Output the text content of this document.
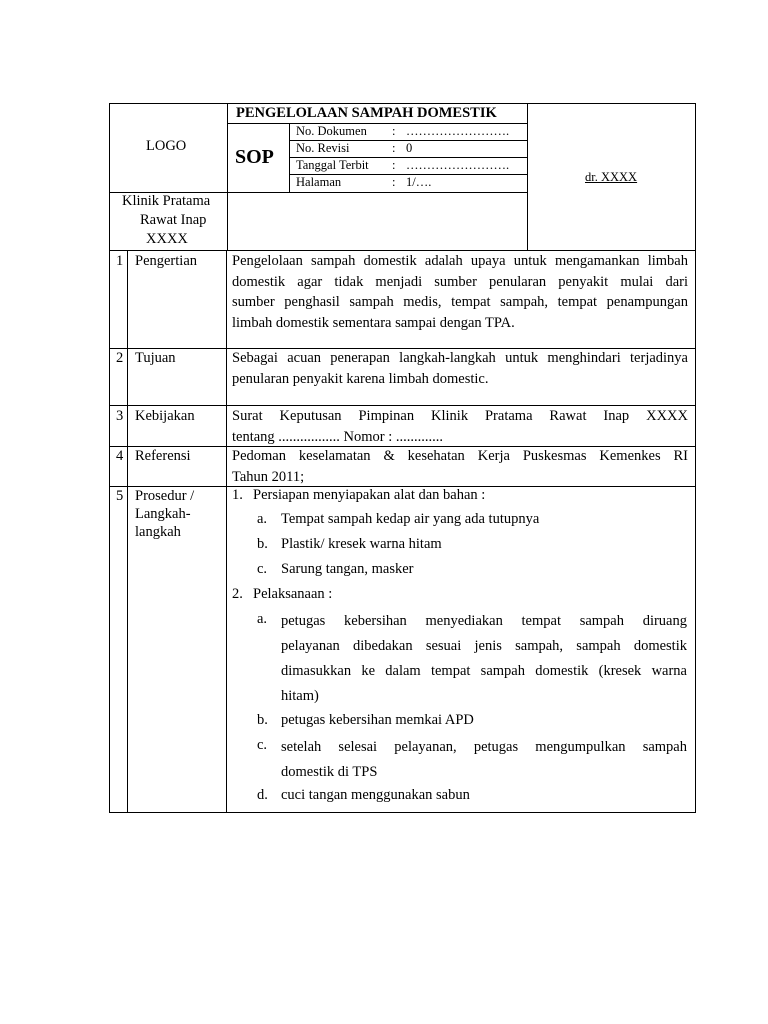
LOGO
PENGELOLAAN SAMPAH DOMESTIK
SOP
Klinik Pratama
Rawat Inap
XXXX
dr. XXXX
No. Dokumen : …………………….
No. Revisi	: 0
Tanggal Terbit : …………………….
Halaman	: 1/….
1 Pengertian
2 Tujuan
3 Kebijakan
4 Referensi
5 Prosedur /
Langkah-
langkah
Pengelolaan sampah domestik adalah upaya untuk mengamankan limbah
domestik agar tidak menjadi sumber penularan penyakit mulai dari
sumber penghasil sampah medis, tempat sampah, tempat penampungan
limbah domestik sementara sampai dengan TPA.
Sebagai acuan penerapan langkah-langkah untuk menghindari terjadinya
penularan penyakit karena limbah domestic.
Surat Keputusan Pimpinan Klinik Pratama Rawat Inap XXXX
tentang ................. Nomor : .............
Pedoman keselamatan & kesehatan Kerja Puskesmas Kemenkes RI
Tahun 2011;
1. Persiapan menyiapakan alat dan bahan :
a. Tempat sampah kedap air yang ada tutupnya
b. Plastik/ kresek warna hitam
c. Sarung tangan, masker
2. Pelaksanaan :
a. petugas kebersihan menyediakan tempat sampah diruang
pelayanan dibedakan sesuai jenis sampah, sampah domestik
dimasukkan ke dalam tempat sampah domestik (kresek warna
hitam)
b. petugas kebersihan memkai APD
c. setelah selesai pelayanan, petugas mengumpulkan sampah
domestik di TPS
d. cuci tangan menggunakan sabun
